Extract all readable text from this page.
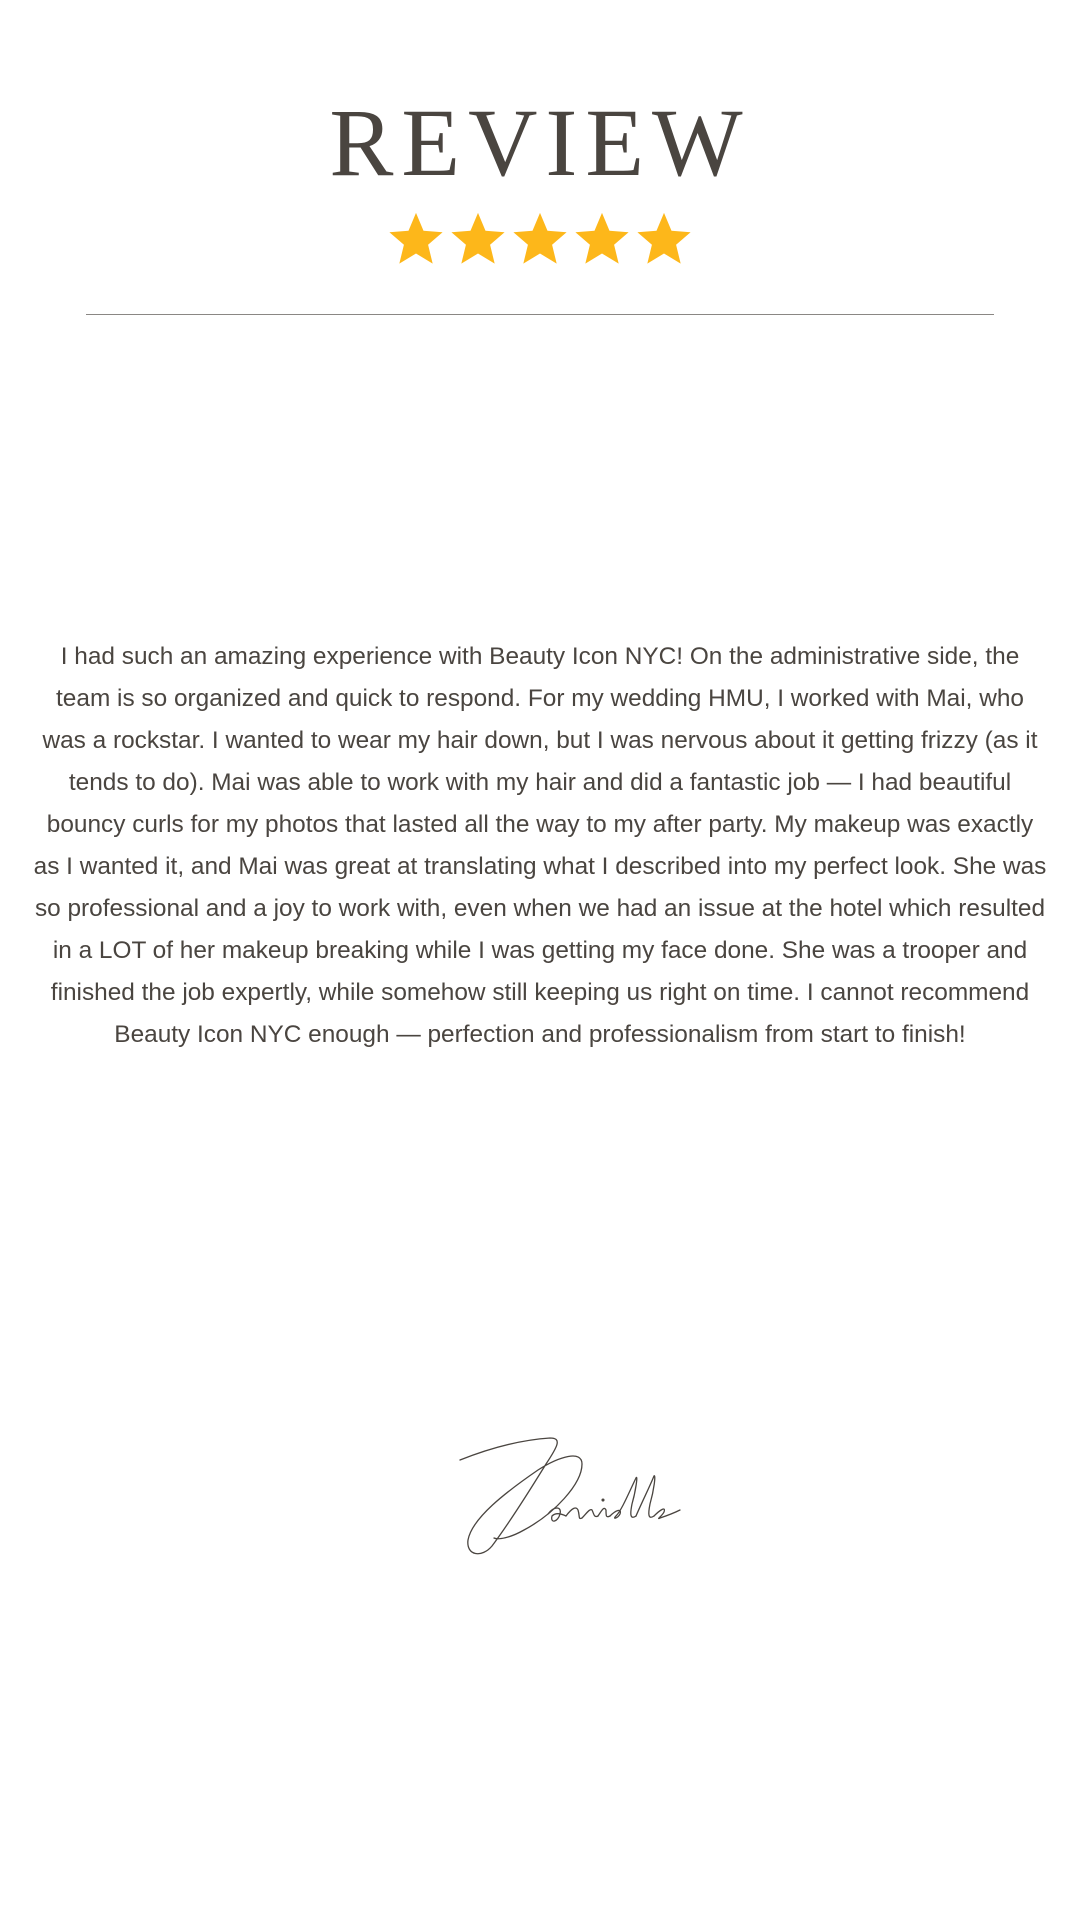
REVIEW

I had such an amazing experience with Beauty Icon NYC! On the administrative side, the team is so organized and quick to respond. For my wedding HMU, I worked with Mai, who was a rockstar. I wanted to wear my hair down, but I was nervous about it getting frizzy (as it tends to do). Mai was able to work with my hair and did a fantastic job — I had beautiful bouncy curls for my photos that lasted all the way to my after party. My makeup was exactly as I wanted it, and Mai was great at translating what I described into my perfect look. She was so professional and a joy to work with, even when we had an issue at the hotel which resulted in a LOT of her makeup breaking while I was getting my face done. She was a trooper and finished the job expertly, while somehow still keeping us right on time. I cannot recommend Beauty Icon NYC enough — perfection and professionalism from start to finish!
